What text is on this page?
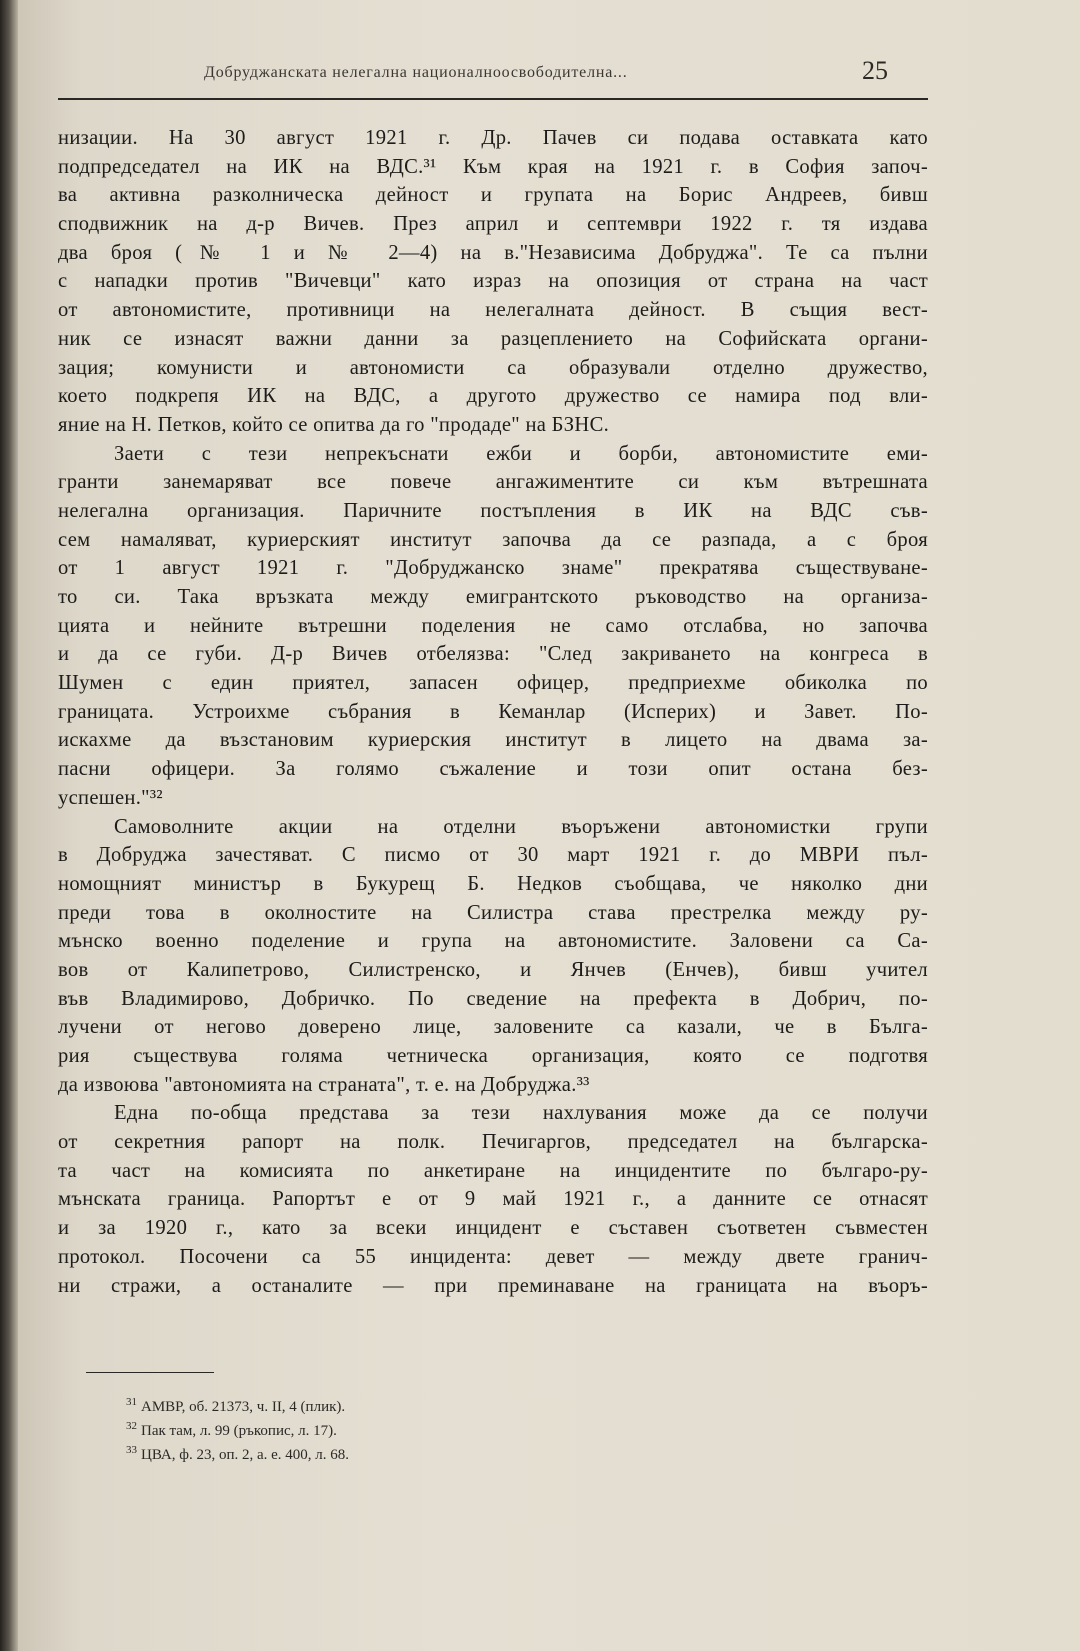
Добруджанската нелегална националноосвободителна...	25
низации. На 30 август 1921 г. Др. Пачев си подава оставката като
подпредседател на ИК на ВДС.³¹ Към края на 1921 г. в София започ-
ва активна разколническа дейност и групата на Борис Андреев, бивш
сподвижник на д-р Вичев. През април и септември 1922 г. тя издава
два броя (№ 1 и № 2—4) на в."Независима Добруджа". Те са пълни
с нападки против "Вичевци" като израз на опозиция от страна на част
от автономистите, противници на нелегалната дейност. В същия вест-
ник се изнасят важни данни за разцеплението на Софийската органи-
зация; комунисти и автономисти са образували отделно дружество,
което подкрепя ИК на ВДС, а другото дружество се намира под вли-
яние на Н. Петков, който се опитва да го "продаде" на БЗНС.
Заети с тези непрекъснати ежби и борби, автономистите еми-
гранти занемаряват все повече ангажиментите си към вътрешната
нелегална организация. Паричните постъпления в ИК на ВДС съв-
сем намаляват, куриерският институт започва да се разпада, а с броя
от 1 август 1921 г. "Добруджанско знаме" прекратява съществуване-
то си. Така връзката между емигрантското ръководство на организа-
цията и нейните вътрешни поделения не само отслабва, но започва
и да се губи. Д-р Вичев отбелязва: "След закриването на конгреса в
Шумен с един приятел, запасен офицер, предприехме обиколка по
границата. Устроихме събрания в Кеманлар (Исперих) и Завет. По-
искахме да възстановим куриерския институт в лицето на двама за-
пасни офицери. За голямо съжаление и този опит остана без-
успешен."³²
Самоволните акции на отделни въоръжени автономистки групи
в Добруджа зачестяват. С писмо от 30 март 1921 г. до МВРИ пъл-
номощният министър в Букурещ Б. Недков съобщава, че няколко дни
преди това в околностите на Силистра става престрелка между ру-
мънско военно поделение и група на автономистите. Заловени са Са-
вов от Калипетрово, Силистренско, и Янчев (Енчев), бивш учител
във Владимирово, Добричко. По сведение на префекта в Добрич, по-
лучени от негово доверено лице, заловените са казали, че в Бълга-
рия съществува голяма четническа организация, която се подготвя
да извоюва "автономията на страната", т. е. на Добруджа.³³
Една по-обща представа за тези нахлувания може да се получи
от секретния рапорт на полк. Печигаргов, председател на българска-
та част на комисията по анкетиране на инцидентите по българо-ру-
мънската граница. Рапортът е от 9 май 1921 г., а данните се отнасят
и за 1920 г., като за всеки инцидент е съставен съответен съвместен
протокол. Посочени са 55 инцидента: девет — между двете гранич-
ни стражи, а останалите — при преминаване на границата на въоръ-
$^{31}$ АМВР, об. 21373, ч. II, 4 (плик).
$^{32}$ Пак там, л. 99 (ръкопис, л. 17).
$^{33}$ ЦВА, ф. 23, оп. 2, а. е. 400, л. 68.
